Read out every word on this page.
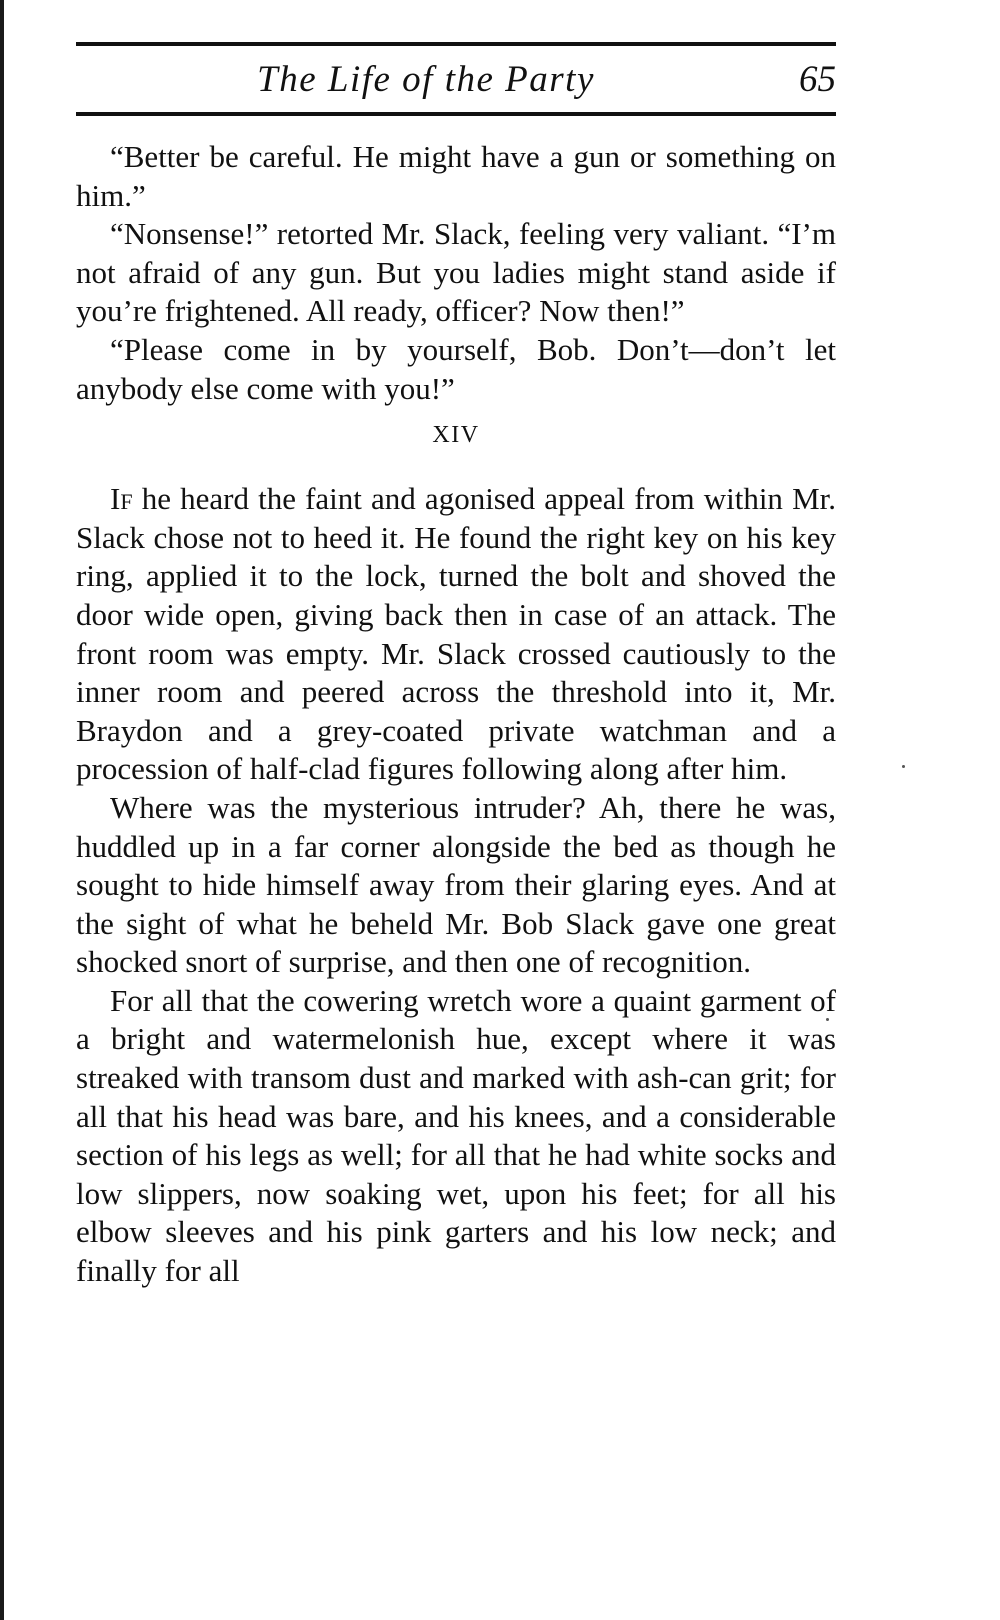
The Life of the Party	65

“Better be careful. He might have a gun or something on him.”

“Nonsense!” retorted Mr. Slack, feeling very valiant. “I’m not afraid of any gun. But you ladies might stand aside if you’re frightened. All ready, officer? Now then!”

“Please come in by yourself, Bob. Don’t—don’t let anybody else come with you!”

XIV

If he heard the faint and agonised appeal from within Mr. Slack chose not to heed it. He found the right key on his key ring, applied it to the lock, turned the bolt and shoved the door wide open, giving back then in case of an attack. The front room was empty. Mr. Slack crossed cautiously to the inner room and peered across the threshold into it, Mr. Braydon and a grey-coated private watchman and a procession of half-clad figures following along after him.

Where was the mysterious intruder? Ah, there he was, huddled up in a far corner alongside the bed as though he sought to hide himself away from their glaring eyes. And at the sight of what he beheld Mr. Bob Slack gave one great shocked snort of surprise, and then one of recognition.

For all that the cowering wretch wore a quaint garment of a bright and watermelonish hue, except where it was streaked with transom dust and marked with ash-can grit; for all that his head was bare, and his knees, and a considerable section of his legs as well; for all that he had white socks and low slippers, now soaking wet, upon his feet; for all his elbow sleeves and his pink garters and his low neck; and finally for all
